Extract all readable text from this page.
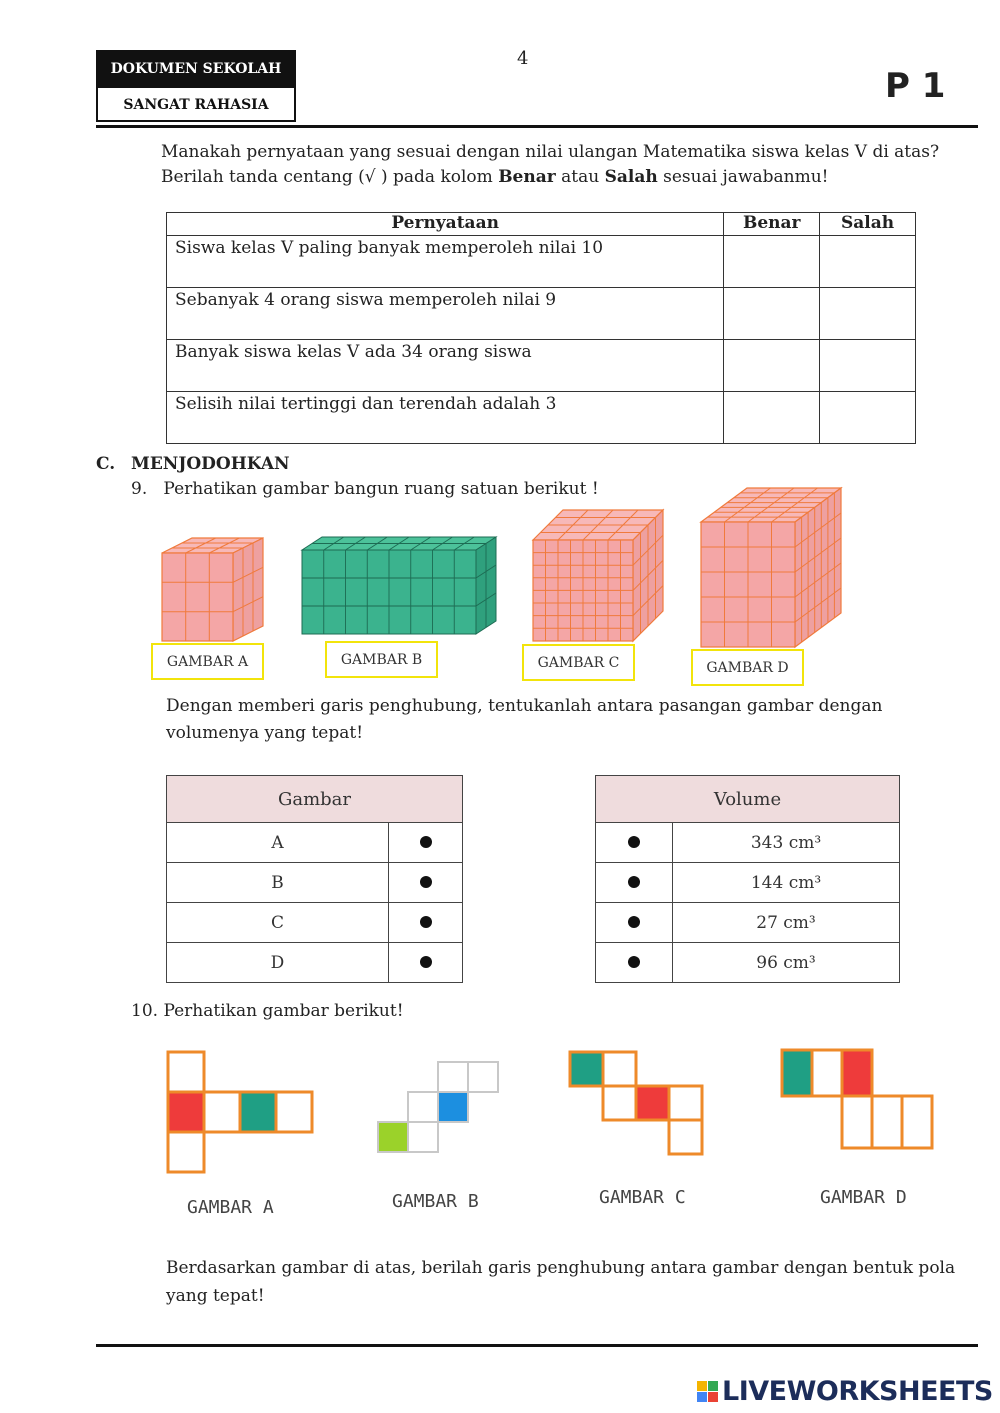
DOKUMEN SEKOLAH
SANGAT RAHASIA
4
P 1
Manakah pernyataan yang sesuai dengan nilai ulangan Matematika siswa kelas V di atas?
Berilah tanda centang (√ ) pada kolom Benar atau Salah sesuai jawabanmu!
Pernyataan	Benar	Salah
Siswa kelas V paling banyak memperoleh nilai 10		
Sebanyak 4 orang siswa memperoleh nilai 9		
Banyak siswa kelas V ada 34 orang siswa		
Selisih nilai tertinggi dan terendah adalah 3		
C. MENJODOHKAN
9.   Perhatikan gambar bangun ruang satuan berikut !
GAMBAR A	GAMBAR B	GAMBAR C	GAMBAR D
Dengan memberi garis penghubung, tentukanlah antara pasangan gambar dengan
volumenya yang tepat!
Gambar	
A	
B	
C	
D	
Volume	
	343 cm³
	144 cm³
	27 cm³
	96 cm³
10. Perhatikan gambar berikut!
GAMBAR A	GAMBAR B	GAMBAR C	GAMBAR D
Berdasarkan gambar di atas, berilah garis penghubung antara gambar dengan bentuk pola
yang tepat!
LIVEWORKSHEETS
